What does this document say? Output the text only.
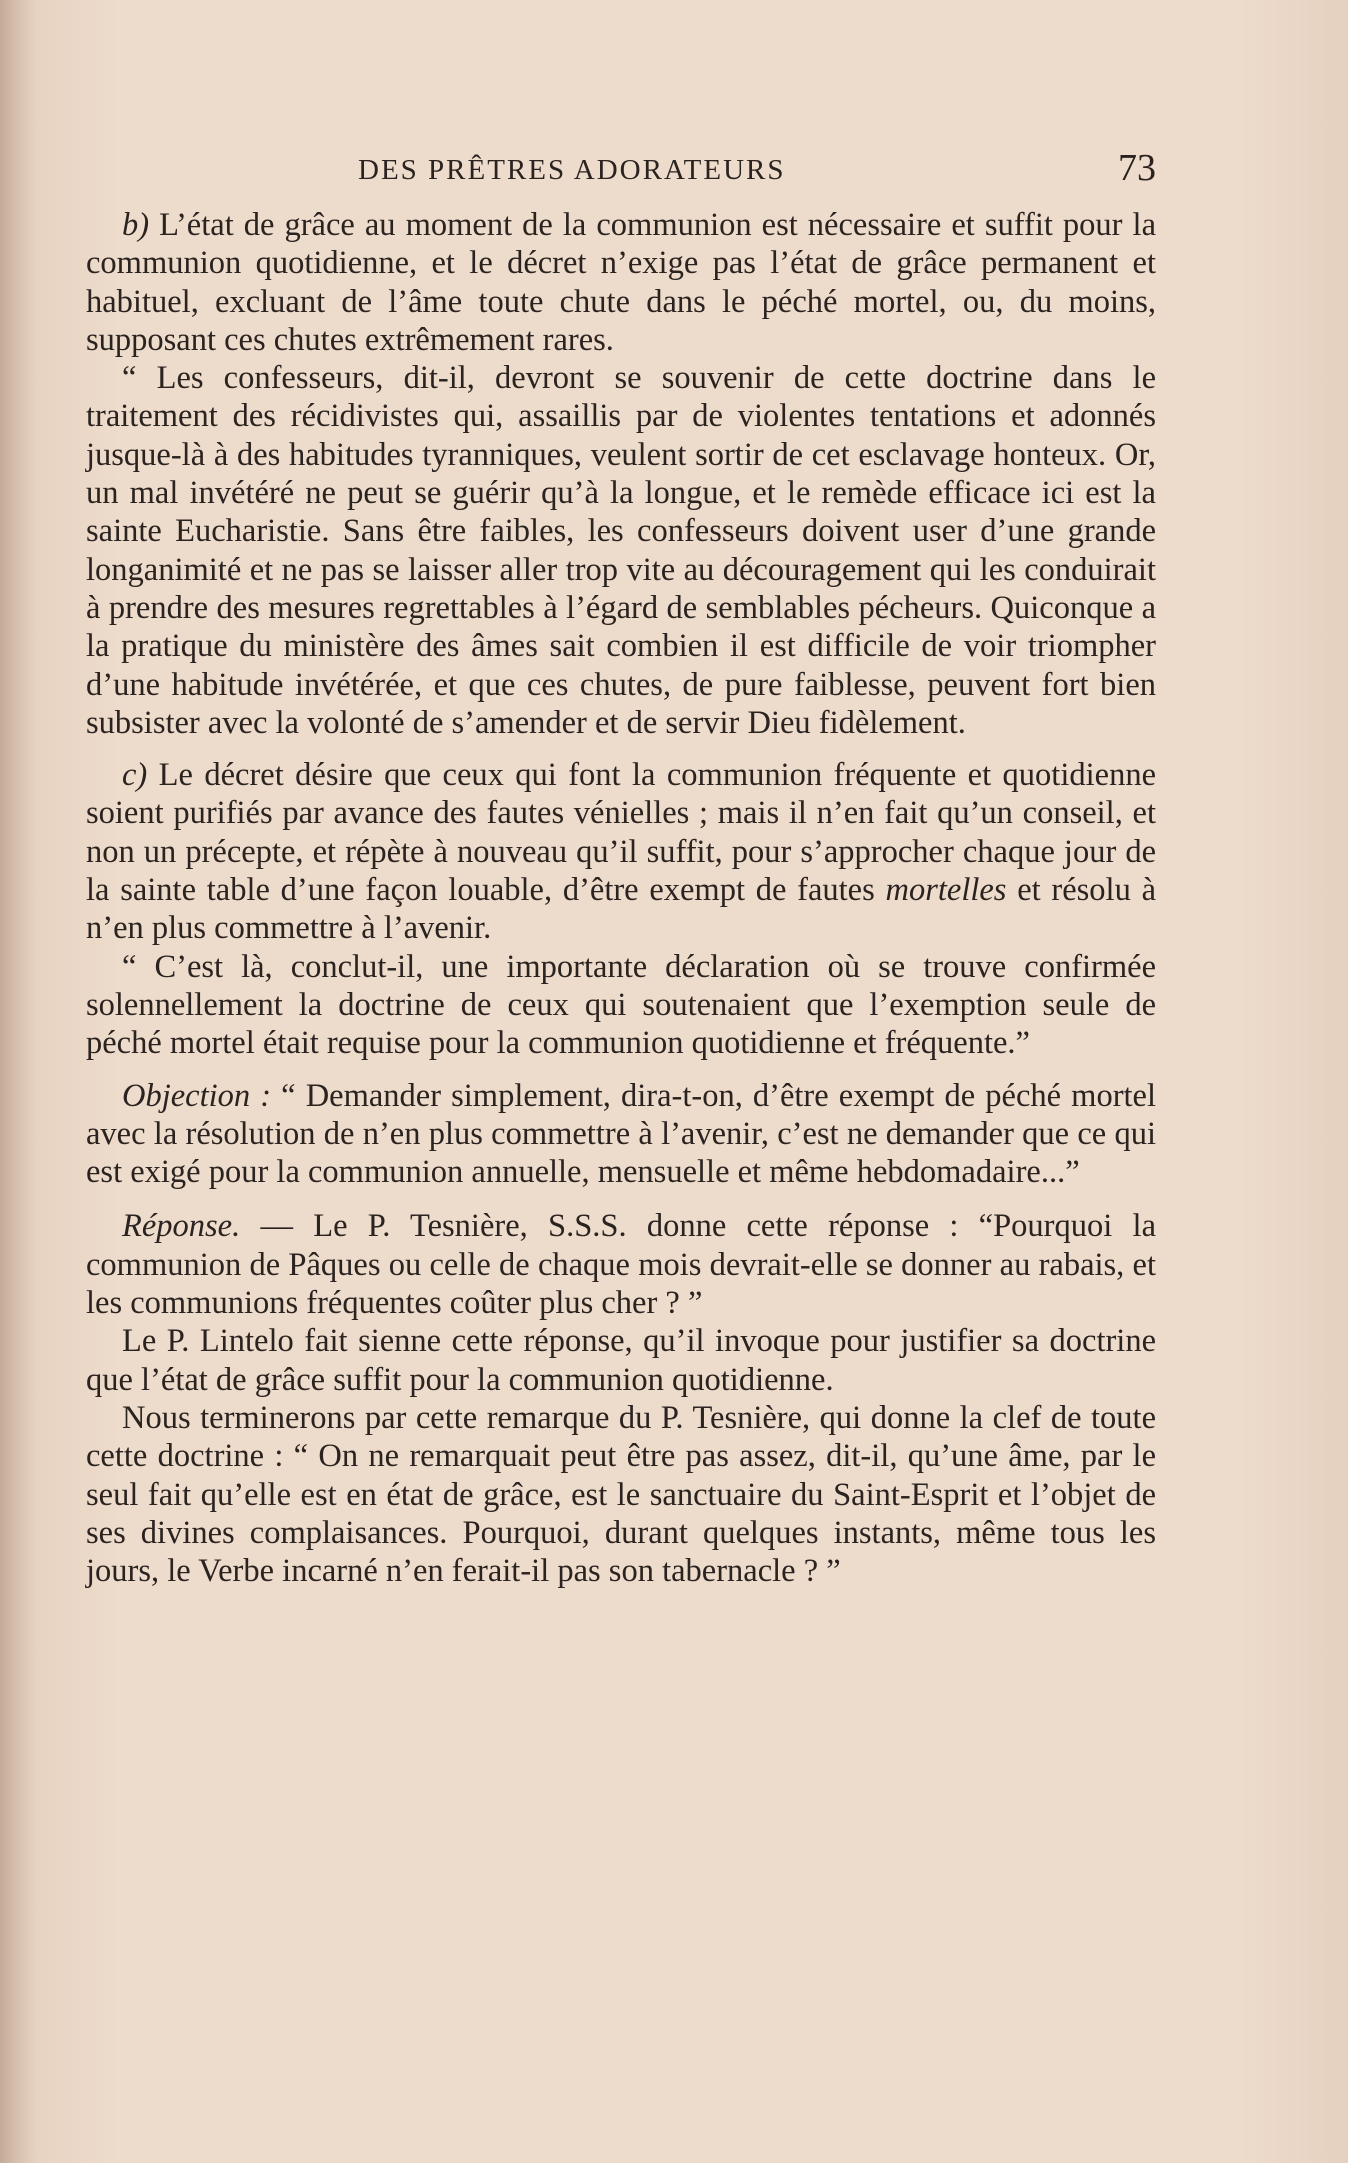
DES PRÊTRES ADORATEURS	73

b) L’état de grâce au moment de la communion est nécessaire et suffit pour la communion quotidienne, et le décret n’exige pas l’état de grâce permanent et habituel, excluant de l’âme toute chute dans le péché mortel, ou, du moins, supposant ces chutes extrêmement rares.

“ Les confesseurs, dit-il, devront se souvenir de cette doctrine dans le traitement des récidivistes qui, assaillis par de violentes tentations et adonnés jusque-là à des habitudes tyranniques, veulent sortir de cet esclavage honteux. Or, un mal invétéré ne peut se guérir qu’à la longue, et le remède efficace ici est la sainte Eucharistie. Sans être faibles, les confesseurs doivent user d’une grande longanimité et ne pas se laisser aller trop vite au découragement qui les conduirait à prendre des mesures regrettables à l’égard de semblables pécheurs. Quiconque a la pratique du ministère des âmes sait combien il est difficile de voir triompher d’une habitude invétérée, et que ces chutes, de pure faiblesse, peuvent fort bien subsister avec la volonté de s’amender et de servir Dieu fidèlement.

c) Le décret désire que ceux qui font la communion fréquente et quotidienne soient purifiés par avance des fautes vénielles ; mais il n’en fait qu’un conseil, et non un précepte, et répète à nouveau qu’il suffit, pour s’approcher chaque jour de la sainte table d’une façon louable, d’être exempt de fautes mortelles et résolu à n’en plus commettre à l’avenir.

“ C’est là, conclut-il, une importante déclaration où se trouve confirmée solennellement la doctrine de ceux qui soutenaient que l’exemption seule de péché mortel était requise pour la communion quotidienne et fréquente.”

Objection : “ Demander simplement, dira-t-on, d’être exempt de péché mortel avec la résolution de n’en plus commettre à l’avenir, c’est ne demander que ce qui est exigé pour la communion annuelle, mensuelle et même hebdomadaire...”

Réponse. — Le P. Tesnière, S.S.S. donne cette réponse : “Pourquoi la communion de Pâques ou celle de chaque mois devrait-elle se donner au rabais, et les communions fréquentes coûter plus cher ? ”

Le P. Lintelo fait sienne cette réponse, qu’il invoque pour justifier sa doctrine que l’état de grâce suffit pour la communion quotidienne.

Nous terminerons par cette remarque du P. Tesnière, qui donne la clef de toute cette doctrine : “ On ne remarquait peut être pas assez, dit-il, qu’une âme, par le seul fait qu’elle est en état de grâce, est le sanctuaire du Saint-Esprit et l’objet de ses divines complaisances. Pourquoi, durant quelques instants, même tous les jours, le Verbe incarné n’en ferait-il pas son tabernacle ? ”
